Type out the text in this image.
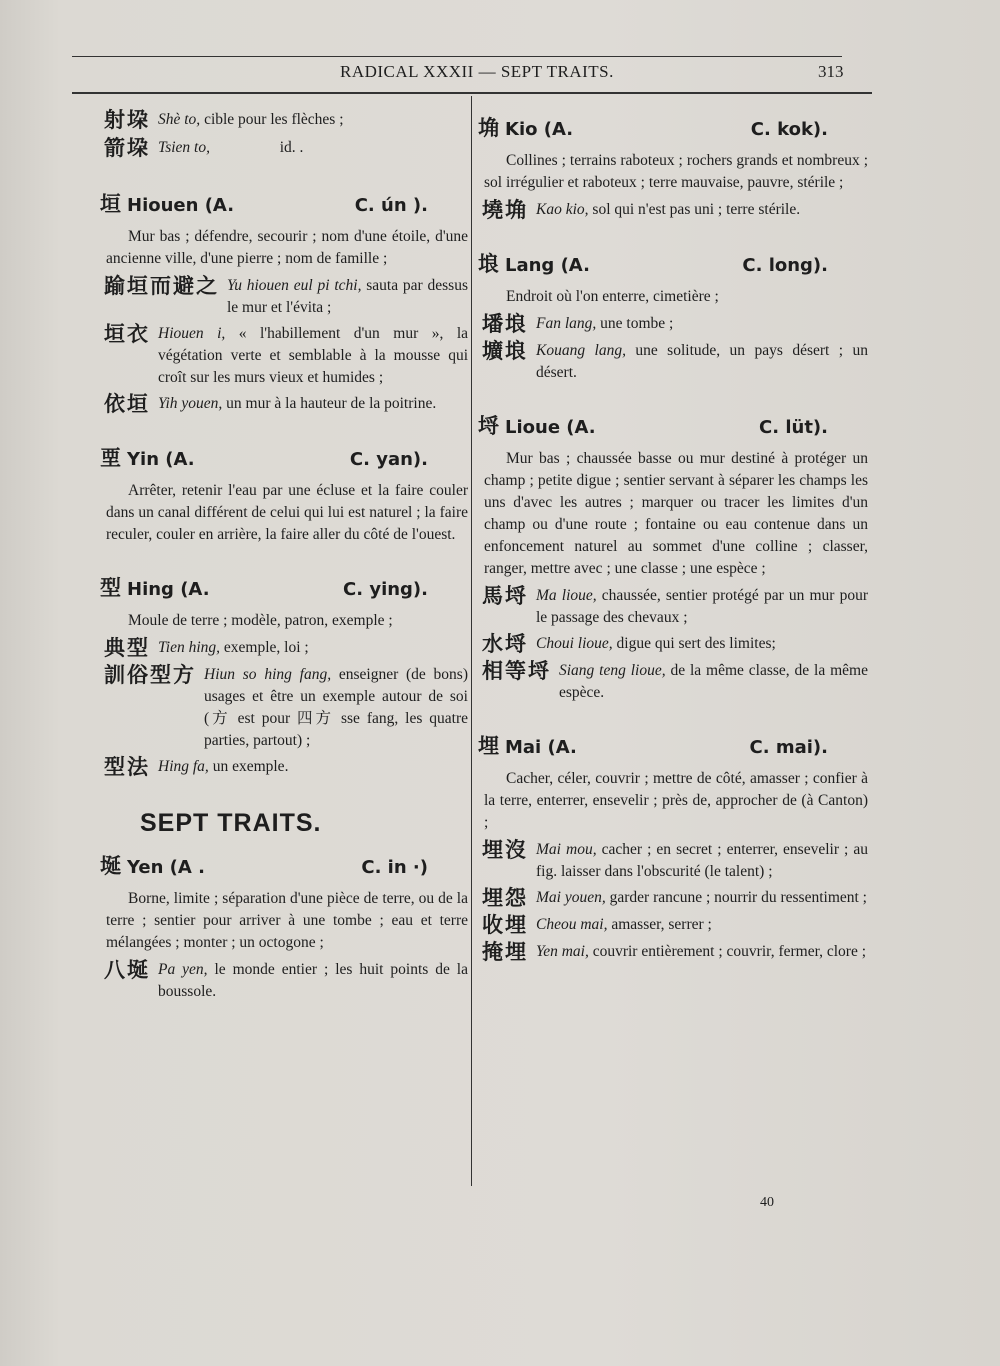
RADICAL XXXII — SEPT TRAITS.	313
射垜 Shè to, cible pour les flèches ;
箭垜 Tsien to,                  id. .
垣 Hiouen (A.	C. ún ).
Mur bas ; défendre, secourir ; nom d'une étoile, d'une ancienne ville, d'une pierre ; nom de famille ;
踰垣而避之 Yu hiouen eul pi tchi, sauta par dessus le mur et l'évita ;
垣衣 Hiouen i, « l'habillement d'un mur », la végétation verte et semblable à la mousse qui croît sur les murs vieux et humides ;
依垣 Yih youen, un mur à la hauteur de la poitrine.
垔 Yin (A.	C. yan).
Arrêter, retenir l'eau par une écluse et la faire couler dans un canal différent de celui qui lui est naturel ; la faire reculer, couler en arrière, la faire aller du côté de l'ouest.
型 Hing (A.	C. ying).
Moule de terre ; modèle, patron, exemple ;
典型 Tien hing, exemple, loi ;
訓俗型方 Hiun so hing fang, enseigner (de bons) usages et être un exemple autour de soi (方 est pour 四方 sse fang, les quatre parties, partout) ;
型法 Hing fa, un exemple.
SEPT TRAITS.
埏 Yen (A .	C. in ·)
Borne, limite ; séparation d'une pièce de terre, ou de la terre ; sentier pour arriver à une tombe ; eau et terre mélangées ; monter ; un octogone ;
八埏 Pa yen, le monde entier ; les huit points de la boussole.
埆 Kio (A.	C. kok).
Collines ; terrains raboteux ; rochers grands et nombreux ; sol irrégulier et raboteux ; terre mauvaise, pauvre, stérile ;
墝埆 Kao kio, sol qui n'est pas uni ; terre stérile.
埌 Lang (A.	C. long).
Endroit où l'on enterre, cimetière ;
墦埌 Fan lang, une tombe ;
壙埌 Kouang lang, une solitude, un pays désert ; un désert.
埒 Lioue (A.	C. lüt).
Mur bas ; chaussée basse ou mur destiné à protéger un champ ; petite digue ; sentier servant à séparer les champs les uns d'avec les autres ; marquer ou tracer les limites d'un champ ou d'une route ; fontaine ou eau contenue dans un enfoncement naturel au sommet d'une colline ; classer, ranger, mettre avec ; une classe ; une espèce ;
馬埒 Ma lioue, chaussée, sentier protégé par un mur pour le passage des chevaux ;
水埒 Choui lioue, digue qui sert des limites;
相等埒 Siang teng lioue, de la même classe, de la même espèce.
埋 Mai (A.	C. mai).
Cacher, céler, couvrir ; mettre de côté, amasser ; confier à la terre, enterrer, ensevelir ; près de, approcher de (à Canton) ;
埋沒 Mai mou, cacher ; en secret ; enterrer, ensevelir ; au fig. laisser dans l'obscurité (le talent) ;
埋怨 Mai youen, garder rancune ; nourrir du ressentiment ;
收埋 Cheou mai, amasser, serrer ;
掩埋 Yen mai, couvrir entièrement ; couvrir, fermer, clore ;
40
